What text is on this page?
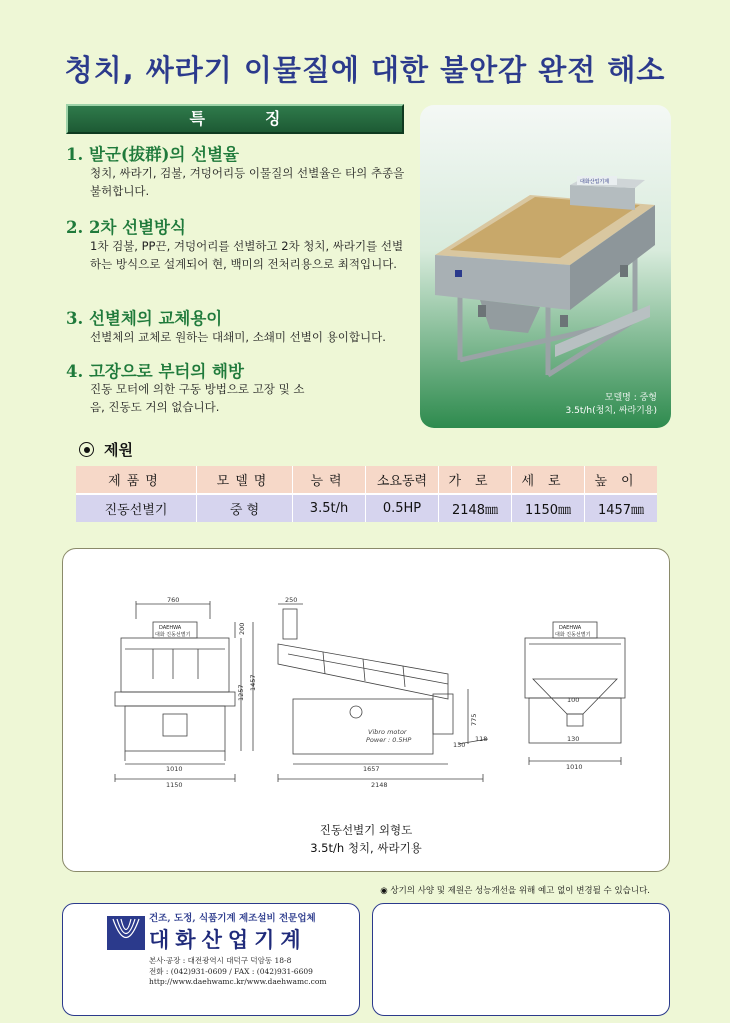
청치, 싸라기 이물질에 대한 불안감 완전 해소
특징
1. 발군(拔群)의 선별율
청치, 싸라기, 검불, 겨덩어리등 이물질의 선별율은 타의 추종을 불허합니다.
2. 2차 선별방식
1차 검불, PP끈, 겨덩어리를 선별하고 2차 청치, 싸라기를 선별하는 방식으로 설계되어 현, 백미의 전처리용으로 최적입니다.
3. 선별체의 교체용이
선별체의 교체로 원하는 대쇄미, 소쇄미 선별이 용이합니다.
4. 고장으로 부터의 해방
진동 모터에 의한 구동 방법으로 고장 및 소음, 진동도 거의 없습니다.
대화산업기계
모델명 : 중형
3.5t/h(청치, 싸라기용)
제원
제품명	모델명	능력	소요동력	가로	세로	높이
진동선별기	중 형	3.5t/h	0.5HP	2148㎜	1150㎜	1457㎜
DAEHWA
대화 진동선별기
DAEHWA
대화 진동선별기
Vibro motor
Power : 0.5HP
760
200
1257
1457
1010
1150
250
1657
2148
775
130
118
100
130
1010
진동선별기 외형도
3.5t/h 청치, 싸라기용
◉ 상기의 사양 및 제원은 성능개선을 위해 예고 없이 변경될 수 있습니다.
건조, 도정, 식품기계 제조설비 전문업체
대화산업기계
본사·공장 : 대전광역시 대덕구 덕암동 18-8
전화 : (042)931-0609 / FAX : (042)931-6609
http://www.daehwamc.kr/www.daehwamc.com
